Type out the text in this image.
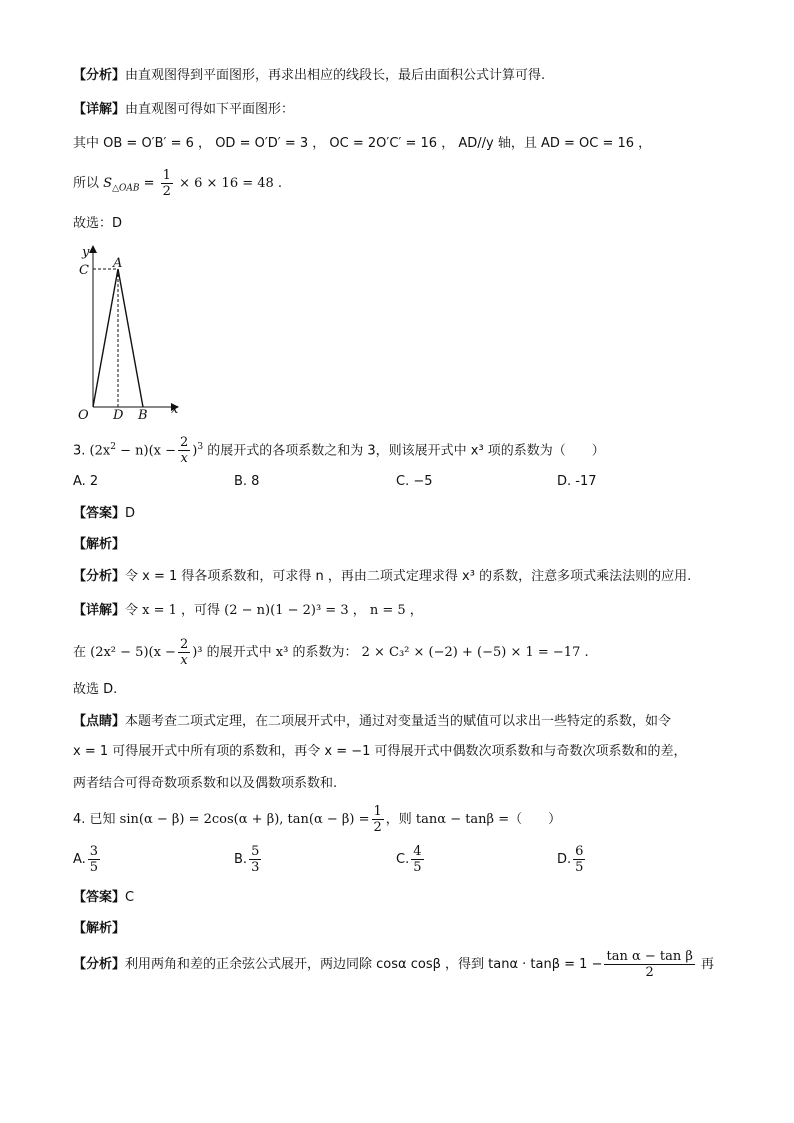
【分析】由直观图得到平面图形，再求出相应的线段长，最后由面积公式计算可得.
【详解】由直观图可得如下平面图形：
其中 OB = O′B′ = 6 ， OD = O′D′ = 3 ， OC = 2O′C′ = 16 ， AD//y 轴，且 AD = OC = 16 ，
所以 $S_{\triangle OAB} = \frac{1}{2} \times 6 \times 16 = 48$ .
故选：D
y
C A
O D B x
3. $(2x^2 - n)(x - \frac{2}{x} )^3$ 的展开式的各项系数之和为 3，则该展开式中 x³ 项的系数为（　　）
A. 2	B. 8	C. −5	D. -17
【答案】D
【解析】
【分析】令 x = 1 得各项系数和，可求得 n ，再由二项式定理求得 x³ 的系数，注意多项式乘法法则的应用.
【详解】令 x = 1 ，可得 (2 − n)(1 − 2)³ = 3 ， n = 5 ，
在 $(2x^2 - 5)(x - \frac{2}{x} )^3$ 的展开式中 x³ 的系数为： 2 × C₃² × (−2) + (−5) × 1 = −17 .
故选 D.
【点睛】本题考查二项式定理，在二项展开式中，通过对变量适当的赋值可以求出一些特定的系数，如令
x = 1 可得展开式中所有项的系数和，再令 x = −1 可得展开式中偶数次项系数和与奇数次项系数和的差，
两者结合可得奇数项系数和以及偶数项系数和.
4. 已知 sin(α − β) = 2cos(α + β), $\tan(\alpha - \beta) = \frac{1}{2}$ ，则 tanα − tanβ =（　　）
A. $\frac{3}{5}$	B. $\frac{5}{3}$	C. $\frac{4}{5}$	D. $\frac{6}{5}$
【答案】C
【解析】
【分析】利用两角和差的正余弦公式展开，两边同除 cosα cosβ ，得到 $\tan\alpha \cdot \tan\beta = 1 - \frac{\text{tan α − tan β}}{2}$ 再
